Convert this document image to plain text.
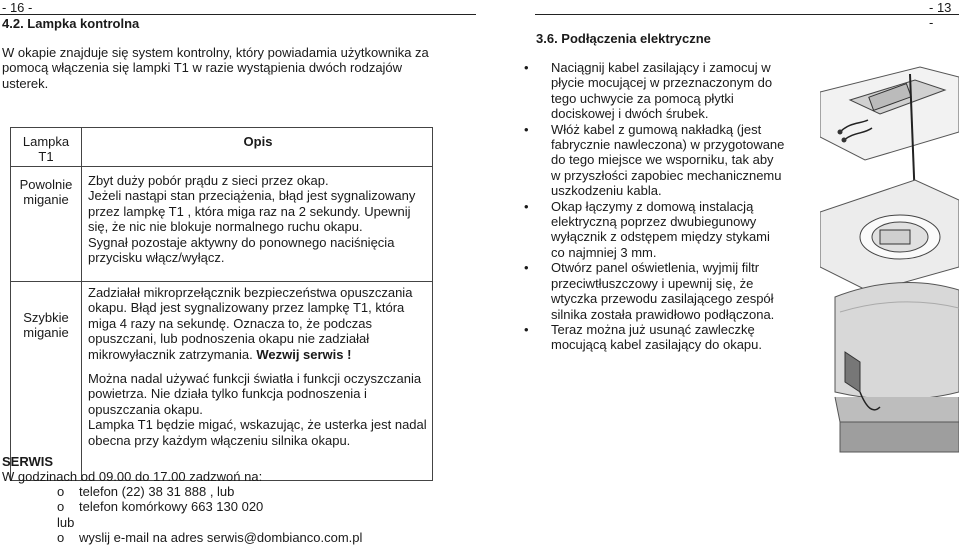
- 16 -
4.2. Lampka kontrolna
W okapie znajduje się system kontrolny, który powiadamia użytkownika za pomocą włączenia się lampki T1 w razie wystąpienia dwóch rodzajów usterek.
Lampka
T1	Opis

Powolnie
miganie	Zbyt duży pobór prądu z sieci przez okap.
Jeżeli nastąpi stan przeciążenia, błąd jest sygnalizowany przez lampkę T1 , która miga raz na 2 sekundy. Upewnij się, że nic nie blokuje normalnego ruchu okapu.
Sygnał pozostaje aktywny do ponownego naciśnięcia przycisku włącz/wyłącz.

Szybkie
miganie	Zadziałał mikroprzełącznik bezpieczeństwa opuszczania okapu. Błąd jest sygnalizowany przez lampkę T1, która miga 4 razy na sekundę. Oznacza to, że podczas opuszczani, lub podnoszenia okapu nie zadziałał mikrowyłacznik zatrzymania. Wezwij serwis !
Można nadal używać funkcji światła i funkcji oczyszczania powietrza. Nie działa tylko funkcja podnoszenia i opuszczania okapu.
Lampka T1 będzie migać, wskazując, że usterka jest nadal obecna przy każdym włączeniu silnika okapu.
SERWIS
W godzinach od 09.00 do 17.00 zadzwoń na:
o telefon (22) 38 31 888 , lub
o telefon komórkowy 663 130 020
lub
o wyslij e-mail na adres serwis@dombianco.com.pl
- 13 -
3.6. Podłączenia elektryczne
• Naciągnij kabel zasilający i zamocuj w płycie mocującej w przeznaczonym do tego uchwycie za pomocą płytki dociskowej i dwóch śrubek.
• Włóż kabel z gumową nakładką (jest fabrycznie nawleczona) w przygotowane do tego miejsce we wsporniku, tak aby w przyszłości zapobiec mechanicznemu uszkodzeniu kabla.
• Okap łączymy z domową instalacją elektryczną poprzez dwubiegunowy wyłącznik z odstępem między stykami co najmniej 3 mm.
• Otwórz panel oświetlenia, wyjmij filtr przeciwtłuszczowy i upewnij się, że wtyczka przewodu zasilającego zespół silnika została prawidłowo podłączona.
• Teraz można już usunąć zawleczkę mocującą kabel zasilający do okapu.
